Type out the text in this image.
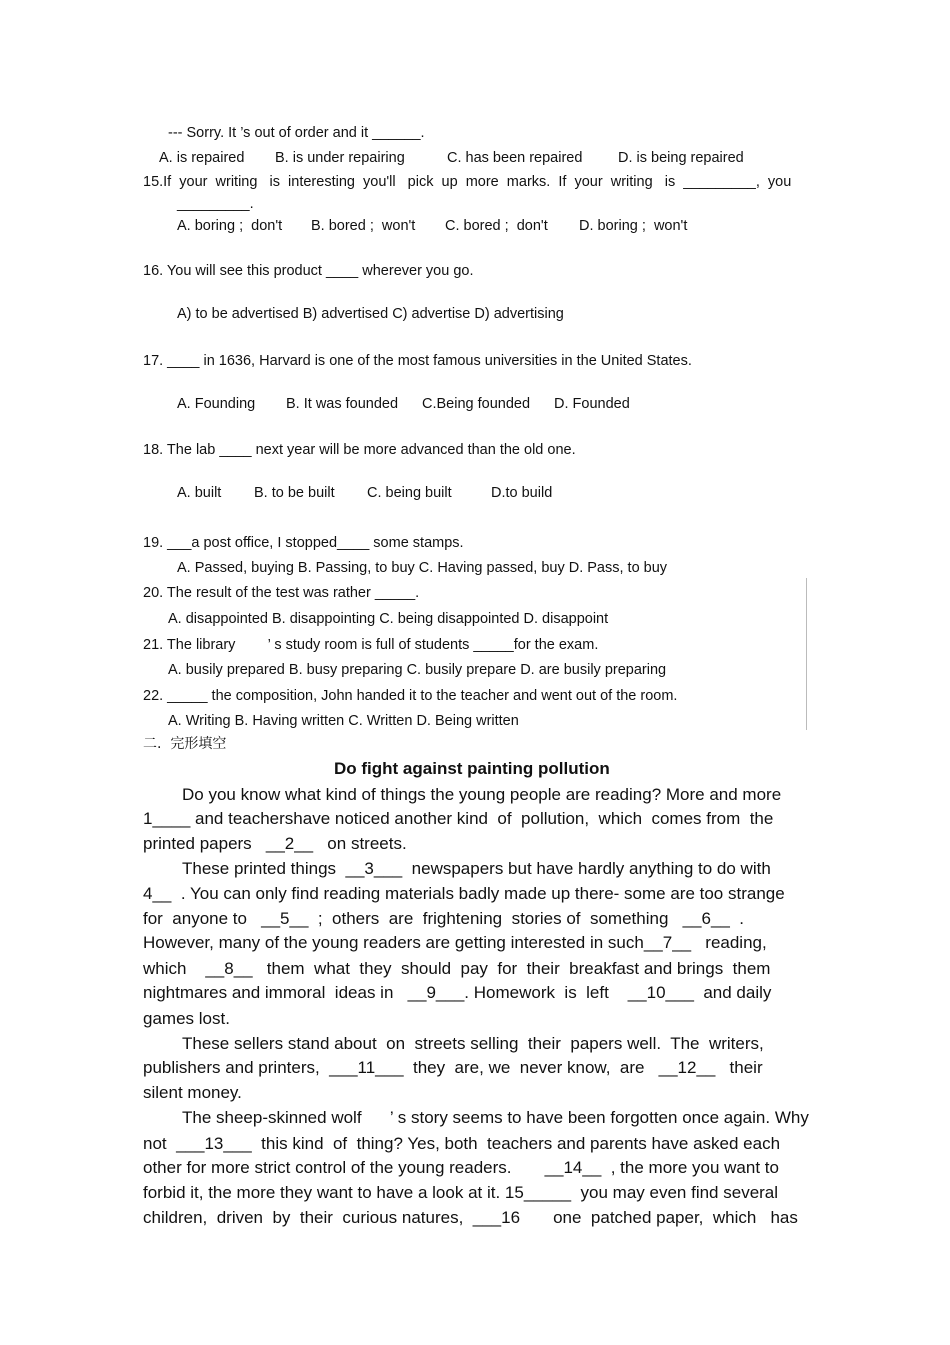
--- Sorry. It ’s out of order and it ______.
A. is repaired B. is under repairing	C. has been repaired D. is being repaired
15.If  your  writing   is  interesting  you'll   pick  up  more  marks.  If  your  writing   is  _________,  you
_________.
A. boring ;  don't B. bored ;  won't C. bored ;  don't D. boring ;  won't
16. You will see this product ____ wherever you go.
A) to be advertised B) advertised C) advertise D) advertising
17. ____ in 1636, Harvard is one of the most famous universities in the United States.
A. Founding B. It was founded C.Being founded D. Founded
18. The lab ____ next year will be more advanced than the old one.
A. built B. to be built C. being built	D.to build
19. ___a post office, I stopped____ some stamps.
A. Passed, buying B. Passing, to buy C. Having passed, buy D. Pass, to buy
20. The result of the test was rather _____.
A. disappointed B. disappointing C. being disappointed D. disappoint
21. The library        ’ s study room is full of students _____for the exam.
A. busily prepared B. busy preparing C. busily prepare D. are busily preparing
22. _____ the composition, John handed it to the teacher and went out of the room.
A. Writing B. Having written C. Written D. Being written
二.  完形填空
Do fight against painting pollution
Do you know what kind of things the young people are reading? More and more
1____ and teachershave noticed another kind  of  pollution,  which  comes from  the
printed papers   __2__   on streets.
These printed things  __3___  newspapers but have hardly anything to do with
4__  . You can only find reading materials badly made up there- some are too strange
for  anyone to   __5__  ;  others  are  frightening  stories of  something   __6__  .
However, many of the young readers are getting interested in such__7__   reading,
which    __8__   them  what  they  should  pay  for  their  breakfast and brings  them
nightmares and immoral  ideas in   __9___. Homework  is  left    __10___  and daily
games lost.
These sellers stand about  on  streets selling  their  papers well.  The  writers,
publishers and printers,  ___11___  they  are, we  never know,  are   __12__   their
silent money.
The sheep-skinned wolf      ’ s story seems to have been forgotten once again. Why
not  ___13___  this kind  of  thing? Yes, both  teachers and parents have asked each
other for more strict control of the young readers.       __14__  , the more you want to
forbid it, the more they want to have a look at it. 15_____  you may even find several
children,  driven  by  their  curious natures,  ___16       one  patched paper,  which   has
